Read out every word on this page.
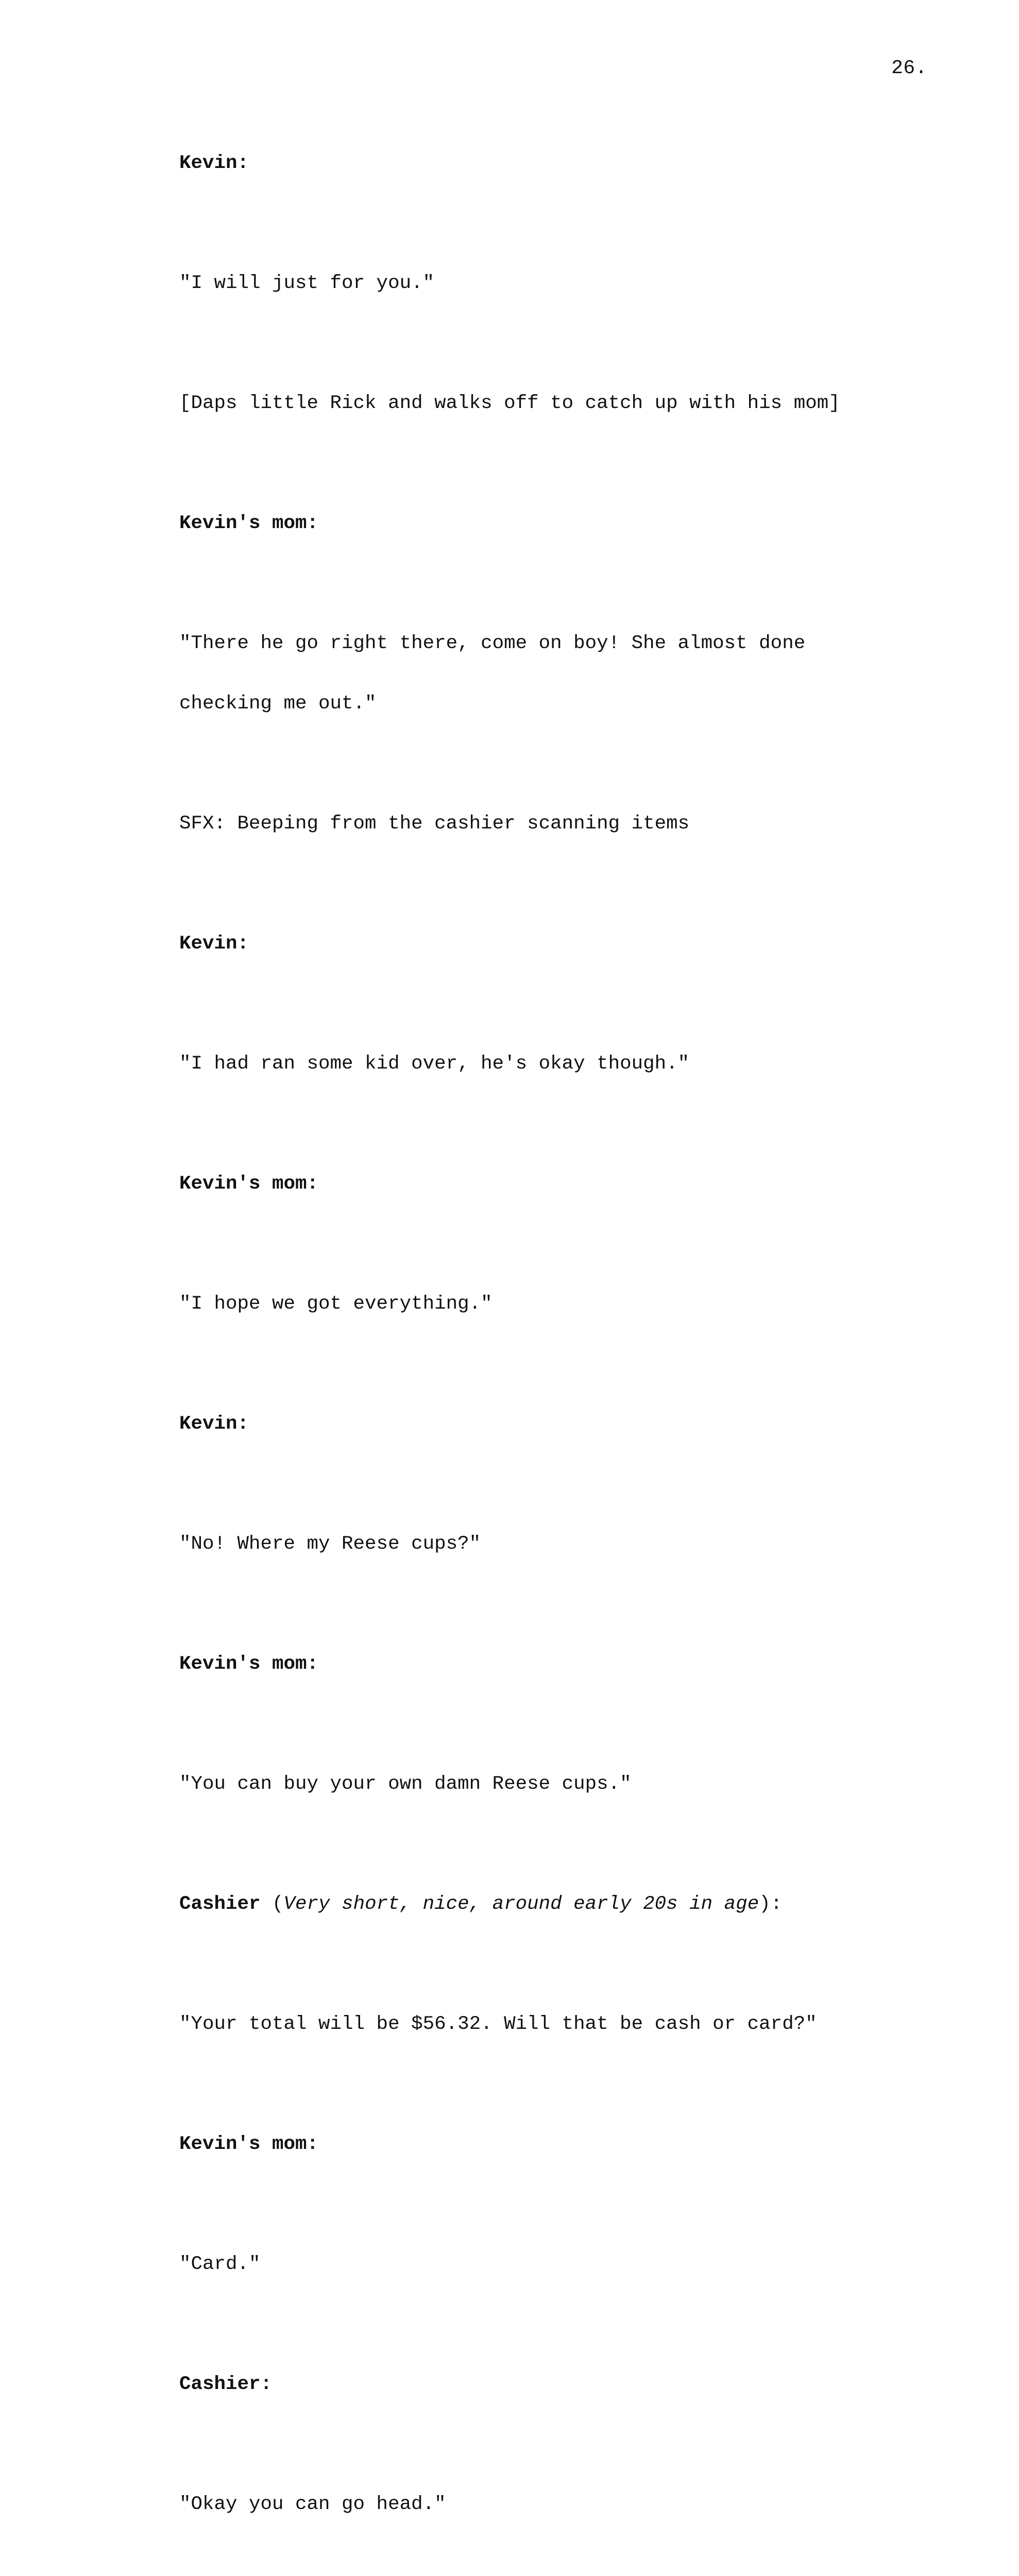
26.

Kevin:

"I will just for you."

[Daps little Rick and walks off to catch up with his mom]

Kevin's mom:

"There he go right there, come on boy! She almost done

checking me out."

SFX: Beeping from the cashier scanning items

Kevin:

"I had ran some kid over, he's okay though."

Kevin's mom:

"I hope we got everything."

Kevin:

"No! Where my Reese cups?"

Kevin's mom:

"You can buy your own damn Reese cups."

Cashier (Very short, nice, around early 20s in age):

"Your total will be $56.32. Will that be cash or card?"

Kevin's mom:

"Card."

Cashier:

"Okay you can go head."
